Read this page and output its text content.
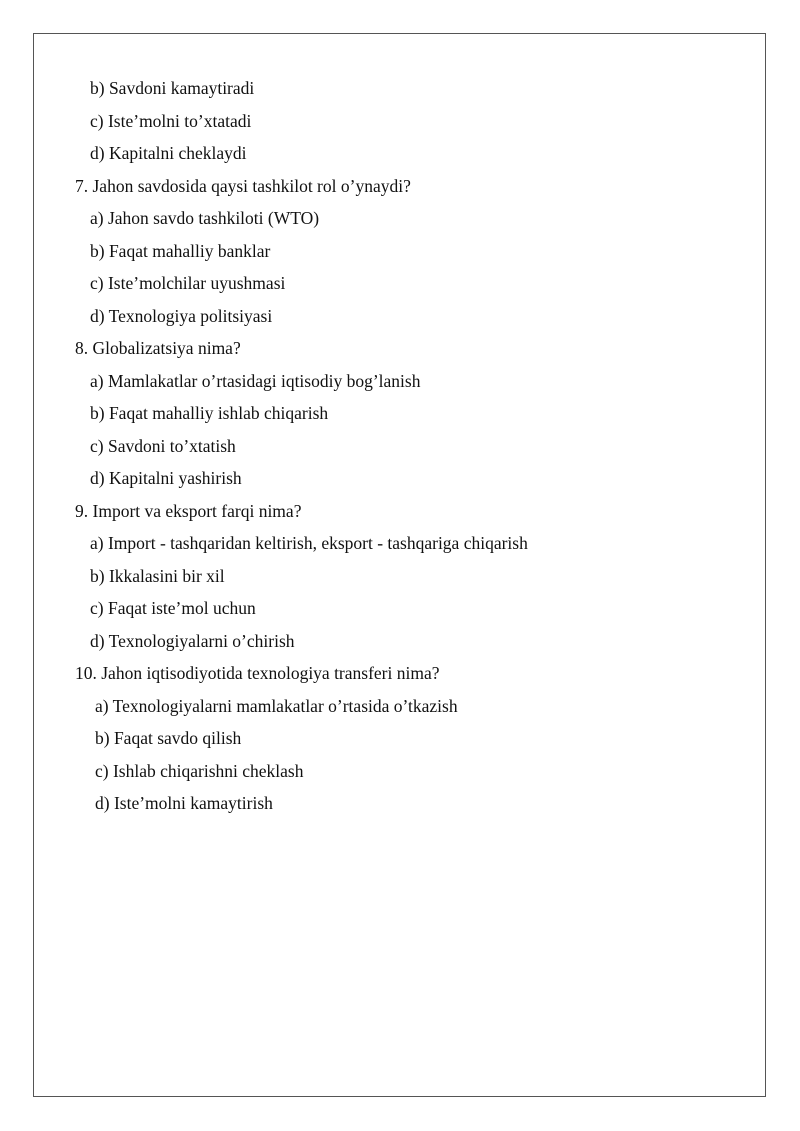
b) Savdoni kamaytiradi
c) Iste’molni to’xtatadi
d) Kapitalni cheklaydi
7. Jahon savdosida qaysi tashkilot rol o’ynaydi?
a) Jahon savdo tashkiloti (WTO)
b) Faqat mahalliy banklar
c) Iste’molchilar uyushmasi
d) Texnologiya politsiyasi
8. Globalizatsiya nima?
a) Mamlakatlar o’rtasidagi iqtisodiy bog’lanish
b) Faqat mahalliy ishlab chiqarish
c) Savdoni to’xtatish
d) Kapitalni yashirish
9. Import va eksport farqi nima?
a) Import - tashqaridan keltirish, eksport - tashqariga chiqarish
b) Ikkalasini bir xil
c) Faqat iste’mol uchun
d) Texnologiyalarni o’chirish
10. Jahon iqtisodiyotida texnologiya transferi nima?
a) Texnologiyalarni mamlakatlar o’rtasida o’tkazish
b) Faqat savdo qilish
c) Ishlab chiqarishni cheklash
d) Iste’molni kamaytirish
